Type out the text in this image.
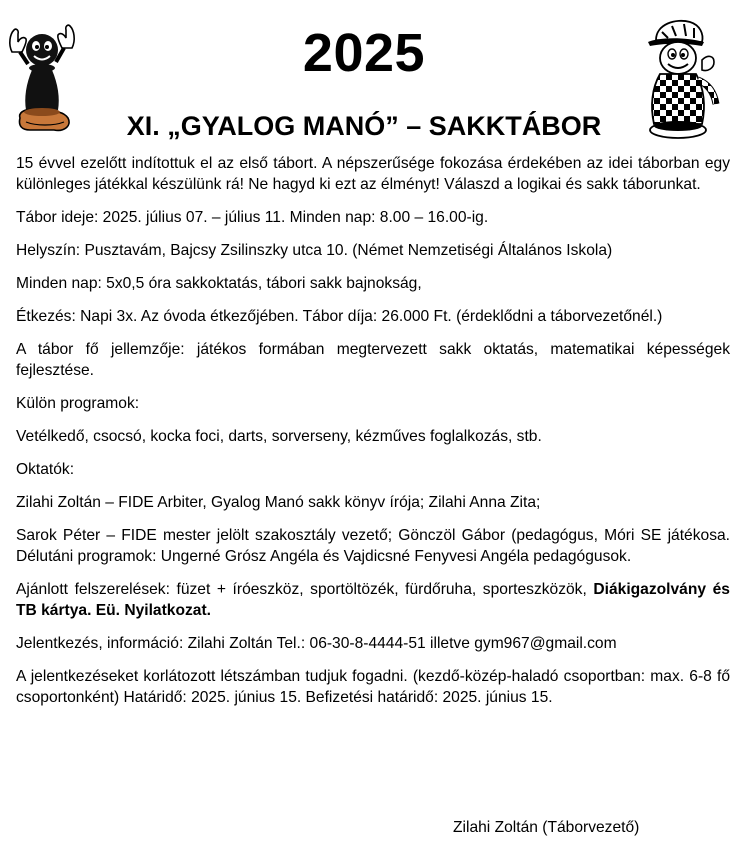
2025
XI. „GYALOG MANÓ” – SAKKTÁBOR

15 évvel ezelőtt indítottuk el az első tábort. A népszerűsége fokozása érdekében az idei táborban egy különleges játékkal készülünk rá! Ne hagyd ki ezt az élményt! Válaszd a logikai és sakk táborunkat.

Tábor ideje: 2025. július 07. – július 11. Minden nap: 8.00 – 16.00-ig.

Helyszín: Pusztavám, Bajcsy Zsilinszky utca 10. (Német Nemzetiségi Általános Iskola)

Minden nap: 5x0,5 óra sakkoktatás, tábori sakk bajnokság,

Étkezés: Napi 3x. Az óvoda étkezőjében. Tábor díja: 26.000 Ft. (érdeklődni a táborvezetőnél.)

A tábor fő jellemzője: játékos formában megtervezett sakk oktatás, matematikai képességek fejlesztése.

Külön programok:

Vetélkedő, csocsó, kocka foci, darts, sorverseny, kézműves foglalkozás, stb.

Oktatók:

Zilahi Zoltán – FIDE Arbiter, Gyalog Manó sakk könyv írója; Zilahi Anna Zita;

Sarok Péter – FIDE mester jelölt szakosztály vezető; Gönczöl Gábor (pedagógus, Móri SE játékosa. Délutáni programok: Ungerné Grósz Angéla és Vajdicsné Fenyvesi Angéla pedagógusok.

Ajánlott felszerelések: füzet + íróeszköz, sportöltözék, fürdőruha, sporteszközök, Diákigazolvány és TB kártya. Eü. Nyilatkozat.

Jelentkezés, információ: Zilahi Zoltán Tel.: 06-30-8-4444-51 illetve gym967@gmail.com

A jelentkezéseket korlátozott létszámban tudjuk fogadni. (kezdő-közép-haladó csoportban: max. 6-8 fő csoportonként) Határidő: 2025. június 15. Befizetési határidő: 2025. június 15.

Zilahi Zoltán (Táborvezető)
